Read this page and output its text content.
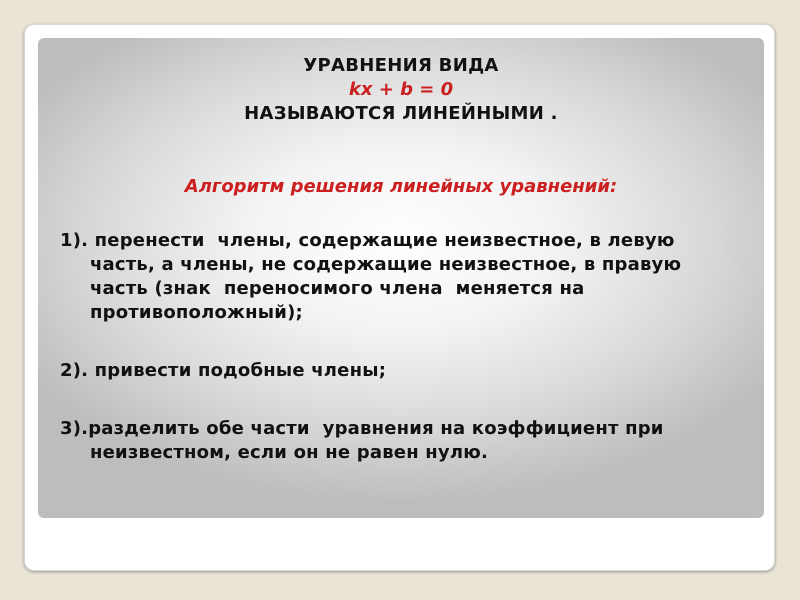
УРАВНЕНИЯ ВИДА
kx + b = 0
НАЗЫВАЮТСЯ ЛИНЕЙНЫМИ .
Алгоритм решения линейных уравнений:

1). перенести  члены, содержащие неизвестное, в левую часть, а члены, не содержащие неизвестное, в правую часть (знак  переносимого члена  меняется на противоположный);

2). привести подобные члены;

3).разделить обе части  уравнения на коэффициент при неизвестном, если он не равен нулю.
